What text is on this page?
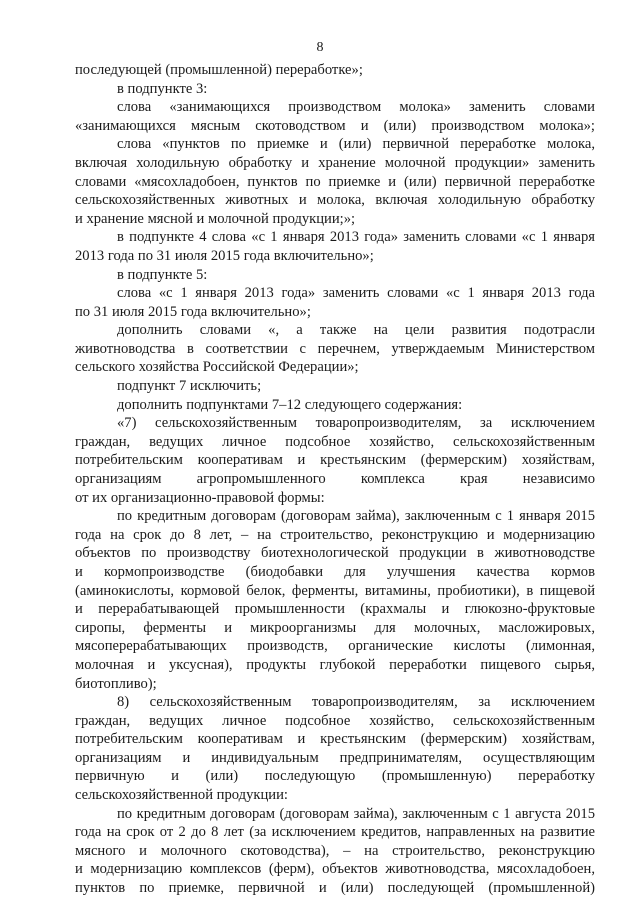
8
последующей (промышленной) переработке»;
в подпункте 3:
слова «занимающихся производством молока» заменить словами
«занимающихся мясным скотоводством и (или) производством молока»;
слова «пунктов по приемке и (или) первичной переработке молока,
включая холодильную обработку и хранение молочной продукции» заменить
словами «мясохладобоен, пунктов по приемке и (или) первичной переработке
сельскохозяйственных животных и молока, включая холодильную обработку
и хранение мясной и молочной продукции;»;
в подпункте 4 слова «с 1 января 2013 года» заменить словами «с 1 января
2013 года по 31 июля 2015 года включительно»;
в подпункте 5:
слова «с 1 января 2013 года» заменить словами «с 1 января 2013 года
по 31 июля 2015 года включительно»;
дополнить словами «, а также на цели развития подотрасли
животноводства в соответствии с перечнем, утверждаемым Министерством
сельского хозяйства Российской Федерации»;
подпункт 7 исключить;
дополнить подпунктами 7–12 следующего содержания:
«7) сельскохозяйственным товаропроизводителям, за исключением
граждан, ведущих личное подсобное хозяйство, сельскохозяйственным
потребительским кооперативам и крестьянским (фермерским) хозяйствам,
организациям агропромышленного комплекса края независимо
от их организационно-правовой формы:
по кредитным договорам (договорам займа), заключенным с 1 января 2015
года на срок до 8 лет, – на строительство, реконструкцию и модернизацию
объектов по производству биотехнологической продукции в животноводстве
и кормопроизводстве (биодобавки для улучшения качества кормов
(аминокислоты, кормовой белок, ферменты, витамины, пробиотики), в пищевой
и перерабатывающей промышленности (крахмалы и глюкозно-фруктовые
сиропы, ферменты и микроорганизмы для молочных, масложировых,
мясоперерабатывающих производств, органические кислоты (лимонная,
молочная и уксусная), продукты глубокой переработки пищевого сырья,
биотопливо);
8) сельскохозяйственным товаропроизводителям, за исключением
граждан, ведущих личное подсобное хозяйство, сельскохозяйственным
потребительским кооперативам и крестьянским (фермерским) хозяйствам,
организациям и индивидуальным предпринимателям, осуществляющим
первичную и (или) последующую (промышленную) переработку
сельскохозяйственной продукции:
по кредитным договорам (договорам займа), заключенным с 1 августа 2015
года на срок от 2 до 8 лет (за исключением кредитов, направленных на развитие
мясного и молочного скотоводства), – на строительство, реконструкцию
и модернизацию комплексов (ферм), объектов животноводства, мясохладобоен,
пунктов по приемке, первичной и (или) последующей (промышленной)
